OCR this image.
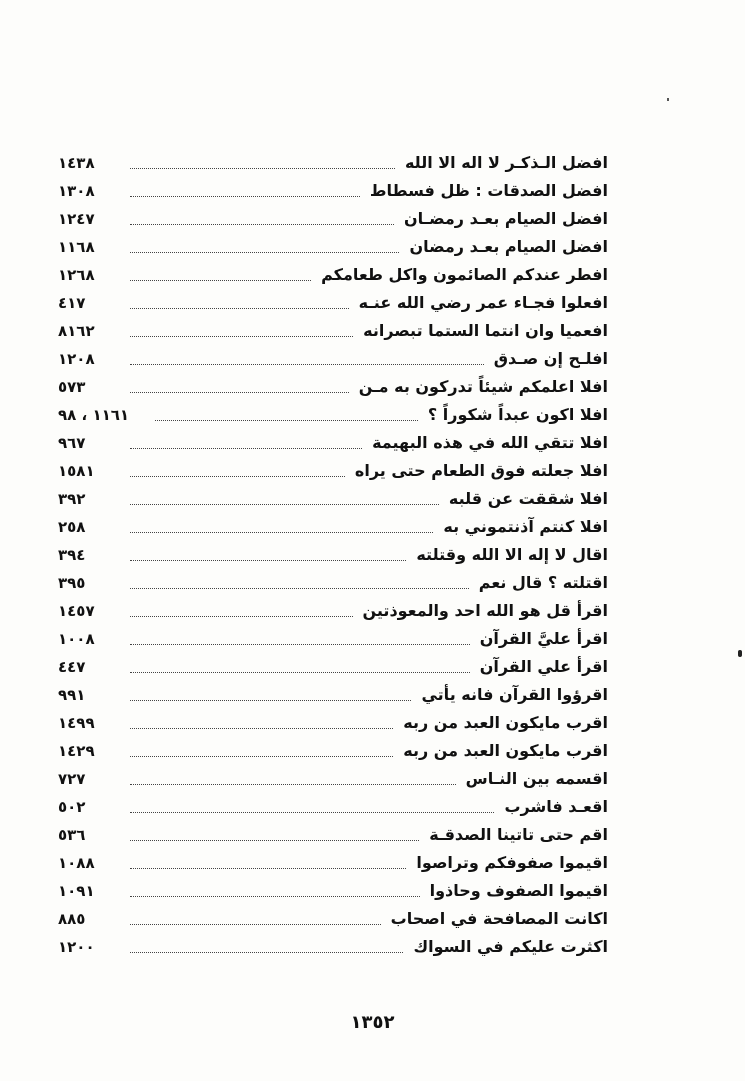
١٤٣٨	افضل الـذكـر لا اله الا الله
١٣٠٨	افضل الصدقات : ظل فسطاط
١٢٤٧	افضل الصيام بعـد رمضـان
١١٦٨	افضل الصيام بعـد رمضان
١٢٦٨	افطر عندكم الصائمون واكل طعامكم
٤١٧	افعلوا فجـاء عمر رضي الله عنـه
٨١٦٢	افعميا وان انتما الستما تبصرانه
١٢٠٨	افلـح إن صـدق
٥٧٣	افلا اعلمكم شيئاً تدركون به مـن
١١٦١ ، ٩٨	افلا اكون عبداً شكوراً ؟
٩٦٧	افلا تتقي الله في هذه البهيمة
١٥٨١	افلا جعلته فوق الطعام حتى يراه
٣٩٢	افلا شققت عن قلبه
٢٥٨	افلا كنتم آذنتموني به
٣٩٤	اقال لا إله الا الله وقتلته
٣٩٥	اقتلته ؟ قال نعم
١٤٥٧	اقرأ قل هو الله احد والمعوذتين
١٠٠٨	اقرأ عليَّ القرآن
٤٤٧	اقرأ علي القرآن
٩٩١	اقرؤوا القرآن فانه يأتي
١٤٩٩	اقرب مايكون العبد من ربه
١٤٢٩	اقرب مايكون العبد من ربه
٧٢٧	اقسمه بين النـاس
٥٠٢	اقعـد فاشرب
٥٣٦	اقم حتى تاتينا الصدقـة
١٠٨٨	اقيموا صفوفكم وتراصوا
١٠٩١	اقيموا الصفوف وحاذوا
٨٨٥	اكانت المصافحة في اصحاب
١٢٠٠	اكثرت عليكم في السواك
١٣٥٢
